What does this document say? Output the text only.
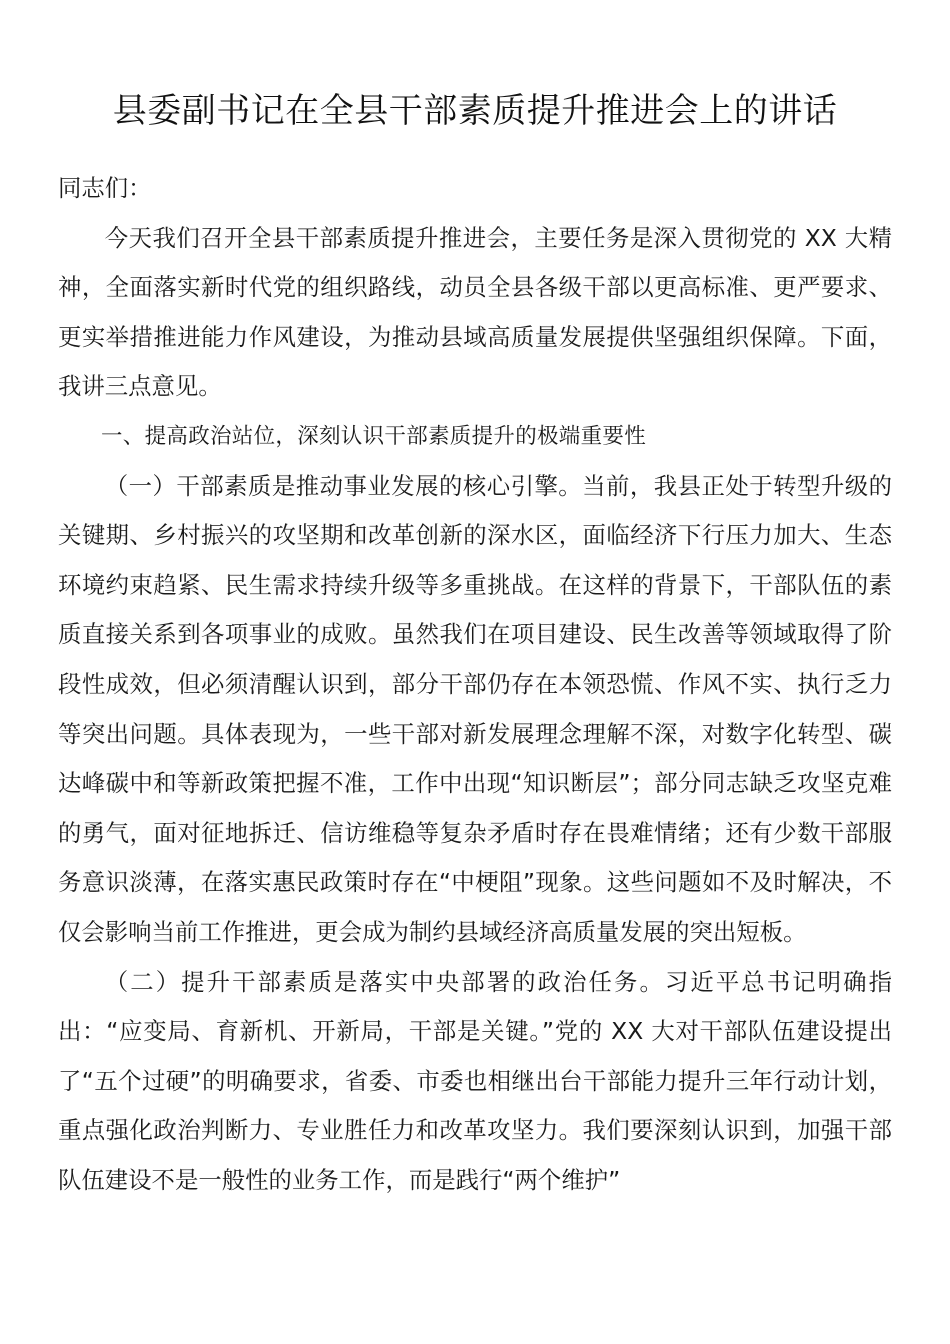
县委副书记在全县干部素质提升推进会上的讲话

同志们：

今天我们召开全县干部素质提升推进会，主要任务是深入贯彻党的 XX 大精神，全面落实新时代党的组织路线，动员全县各级干部以更高标准、更严要求、更实举措推进能力作风建设，为推动县域高质量发展提供坚强组织保障。下面，我讲三点意见。

一、提高政治站位，深刻认识干部素质提升的极端重要性

（一）干部素质是推动事业发展的核心引擎。当前，我县正处于转型升级的关键期、乡村振兴的攻坚期和改革创新的深水区，面临经济下行压力加大、生态环境约束趋紧、民生需求持续升级等多重挑战。在这样的背景下，干部队伍的素质直接关系到各项事业的成败。虽然我们在项目建设、民生改善等领域取得了阶段性成效，但必须清醒认识到，部分干部仍存在本领恐慌、作风不实、执行乏力等突出问题。具体表现为，一些干部对新发展理念理解不深，对数字化转型、碳达峰碳中和等新政策把握不准，工作中出现“知识断层”；部分同志缺乏攻坚克难的勇气，面对征地拆迁、信访维稳等复杂矛盾时存在畏难情绪；还有少数干部服务意识淡薄，在落实惠民政策时存在“中梗阻”现象。这些问题如不及时解决，不仅会影响当前工作推进，更会成为制约县域经济高质量发展的突出短板。

（二）提升干部素质是落实中央部署的政治任务。习近平总书记明确指出：“应变局、育新机、开新局，干部是关键。”党的 XX 大对干部队伍建设提出了“五个过硬”的明确要求，省委、市委也相继出台干部能力提升三年行动计划，重点强化政治判断力、专业胜任力和改革攻坚力。我们要深刻认识到，加强干部队伍建设不是一般性的业务工作，而是践行“两个维护”
